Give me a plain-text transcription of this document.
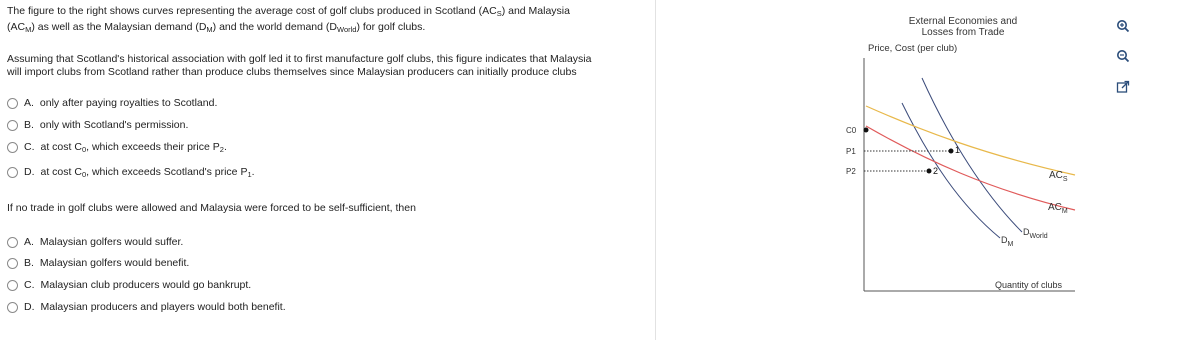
The figure to the right shows curves representing the average cost of golf clubs produced in Scotland $(AC_S)$ and Malaysia

$(AC_M)$ as well as the Malaysian demand $(D_M)$ and the world demand $(D_{World})$ for golf clubs.

Assuming that Scotland's historical association with golf led it to first manufacture golf clubs, this figure indicates that Malaysia

will import clubs from Scotland rather than produce clubs themselves since Malaysian producers can initially produce clubs

A. only after paying royalties to Scotland.
B. only with Scotland's permission.
C. at cost $C_0$, which exceeds their price $P_2$.
D. at cost $C_0$, which exceeds Scotland's price $P_1$.

If no trade in golf clubs were allowed and Malaysia were forced to be self-sufficient, then

A. Malaysian golfers would suffer.
B. Malaysian golfers would benefit.
C. Malaysian club producers would go bankrupt.
D. Malaysian producers and players would both benefit.
External Economies and
Losses from Trade
Price, Cost (per club)
C0
P1
P2
1
2	$AC_S$
$AC_M$
$D_{World}$
$D_M$
Quantity of clubs
